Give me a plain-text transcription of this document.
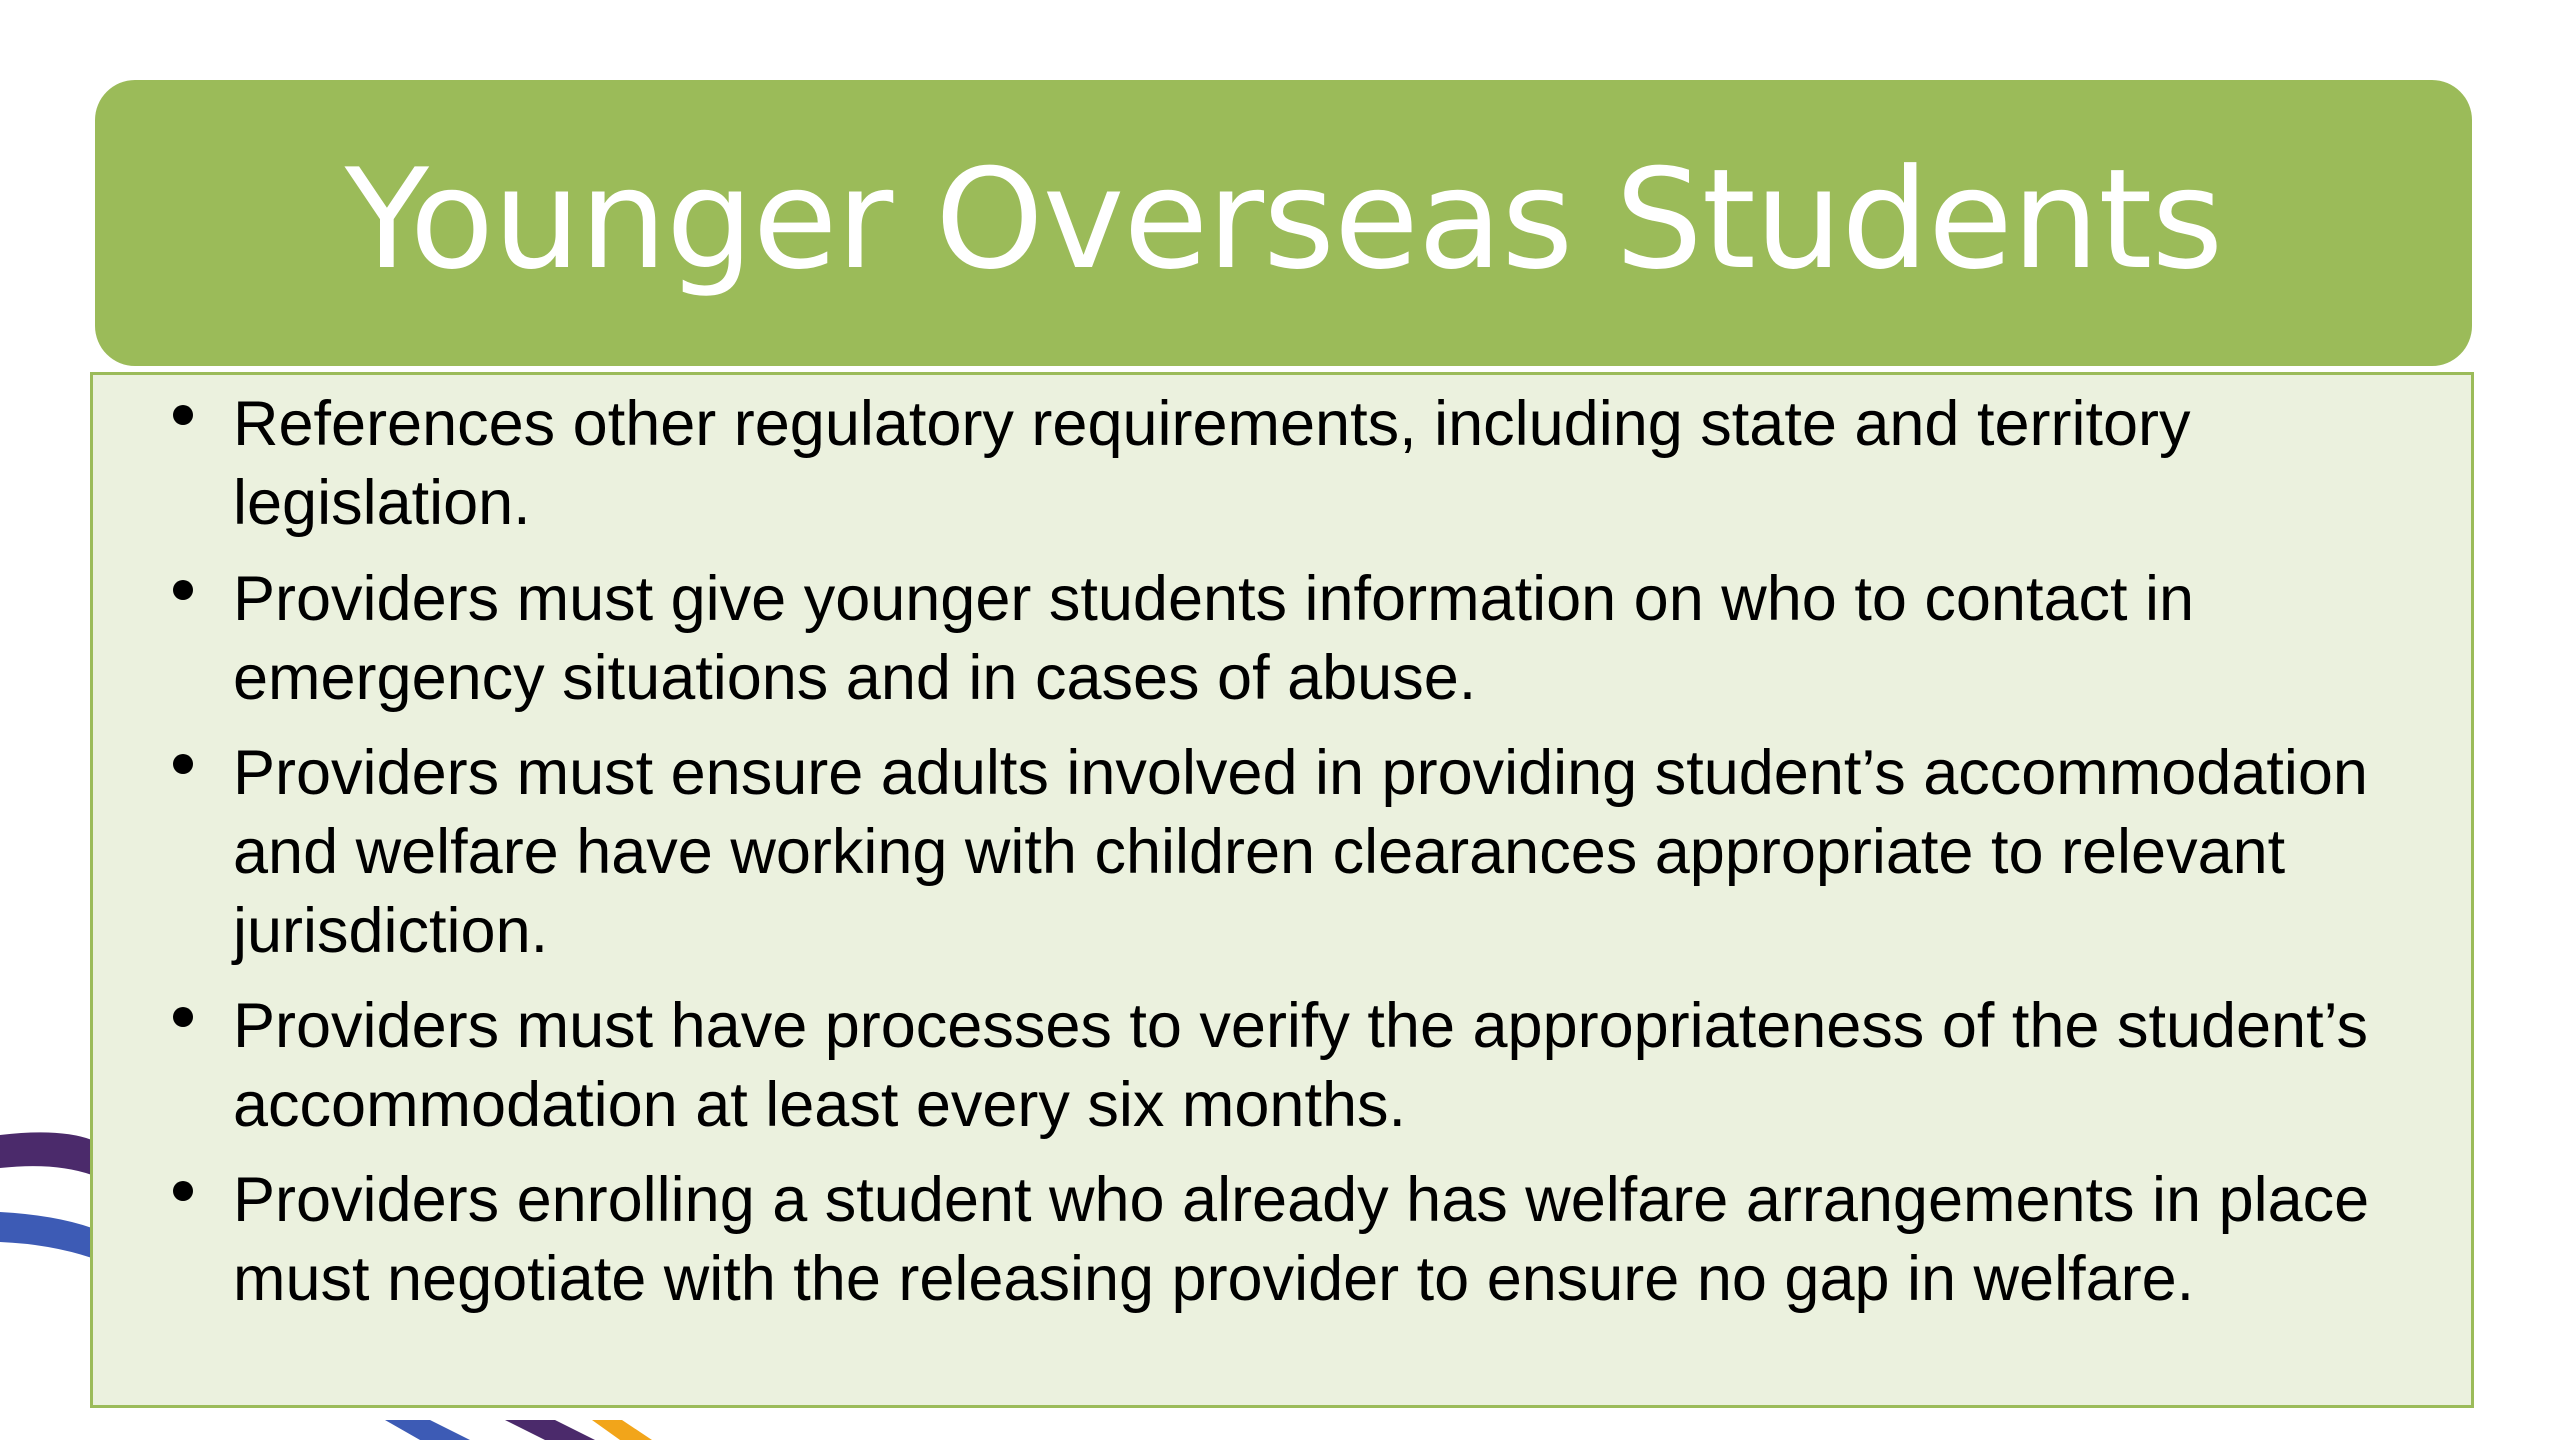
Younger Overseas Students
References other regulatory requirements, including state and territory legislation.
Providers must give younger students information on who to contact in emergency situations and in cases of abuse.
Providers must ensure adults involved in providing student’s accommodation and welfare have working with children clearances appropriate to relevant jurisdiction.
Providers must have processes to verify the appropriateness of the student’s accommodation at least every six months.
Providers enrolling a student who already has welfare arrangements in place must negotiate with the releasing provider to ensure no gap in welfare.
